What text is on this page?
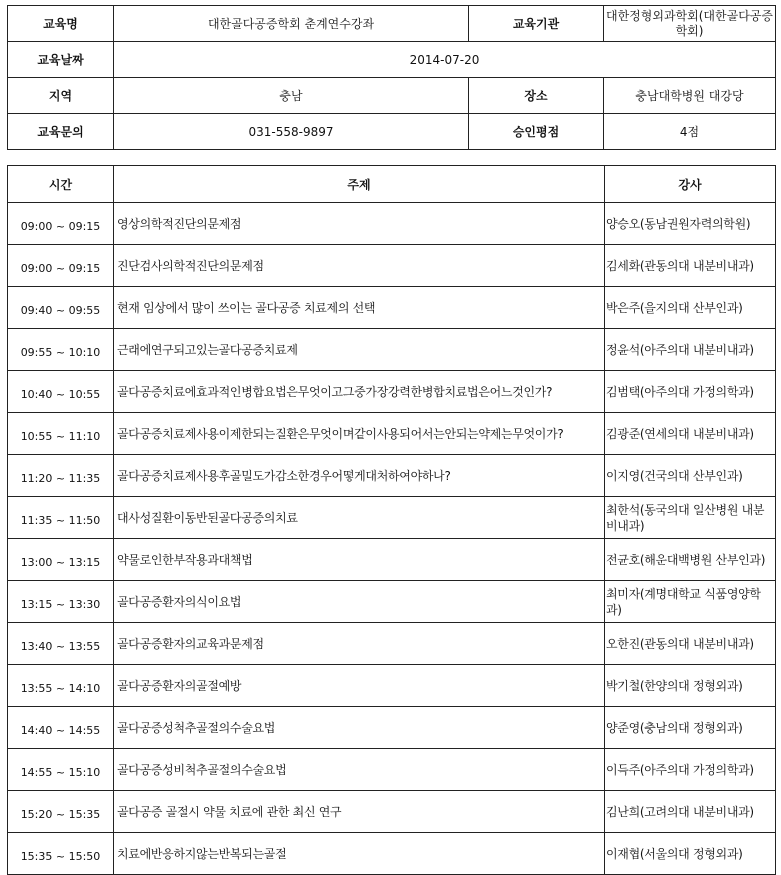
교육명	대한골다공증학회 춘계연수강좌	교육기관	대한정형외과학회(대한골다공증학회)
교육날짜	2014-07-20		
지역	충남	장소	충남대학병원 대강당
교육문의	031-558-9897	승인평점	4점
시간	주제	강사
09:00 ~ 09:15	영상의학적진단의문제점	양승오(동남권원자력의학원)
09:00 ~ 09:15	진단검사의학적진단의문제점	김세화(관동의대 내분비내과)
09:40 ~ 09:55	현재 임상에서 많이 쓰이는 골다공증 치료제의 선택	박은주(을지의대 산부인과)
09:55 ~ 10:10	근래에연구되고있는골다공증치료제	정윤석(아주의대 내분비내과)
10:40 ~ 10:55	골다공증치료에효과적인병합요법은무엇이고그중가장강력한병합치료법은어느것인가?	김범택(아주의대 가정의학과)
10:55 ~ 11:10	골다공증치료제사용이제한되는질환은무엇이며같이사용되어서는안되는약제는무엇이가?	김광준(연세의대 내분비내과)
11:20 ~ 11:35	골다공증치료제사용후골밀도가감소한경우어떻게대처하여야하나?	이지영(건국의대 산부인과)
11:35 ~ 11:50	대사성질환이동반된골다공증의치료	최한석(동국의대 일산병원 내분비내과)
13:00 ~ 13:15	약물로인한부작용과대책법	전균호(해운대백병원 산부인과)
13:15 ~ 13:30	골다공증환자의식이요법	최미자(계명대학교 식품영양학과)
13:40 ~ 13:55	골다공증환자의교육과문제점	오한진(관동의대 내분비내과)
13:55 ~ 14:10	골다공증환자의골절예방	박기철(한양의대 정형외과)
14:40 ~ 14:55	골다공증성척추골절의수술요법	양준영(충남의대 정형외과)
14:55 ~ 15:10	골다공증성비척추골절의수술요법	이득주(아주의대 가정의학과)
15:20 ~ 15:35	골다공증 골절시 약물 치료에 관한 최신 연구	김난희(고려의대 내분비내과)
15:35 ~ 15:50	치료에반응하지않는반복되는골절	이재협(서울의대 정형외과)
